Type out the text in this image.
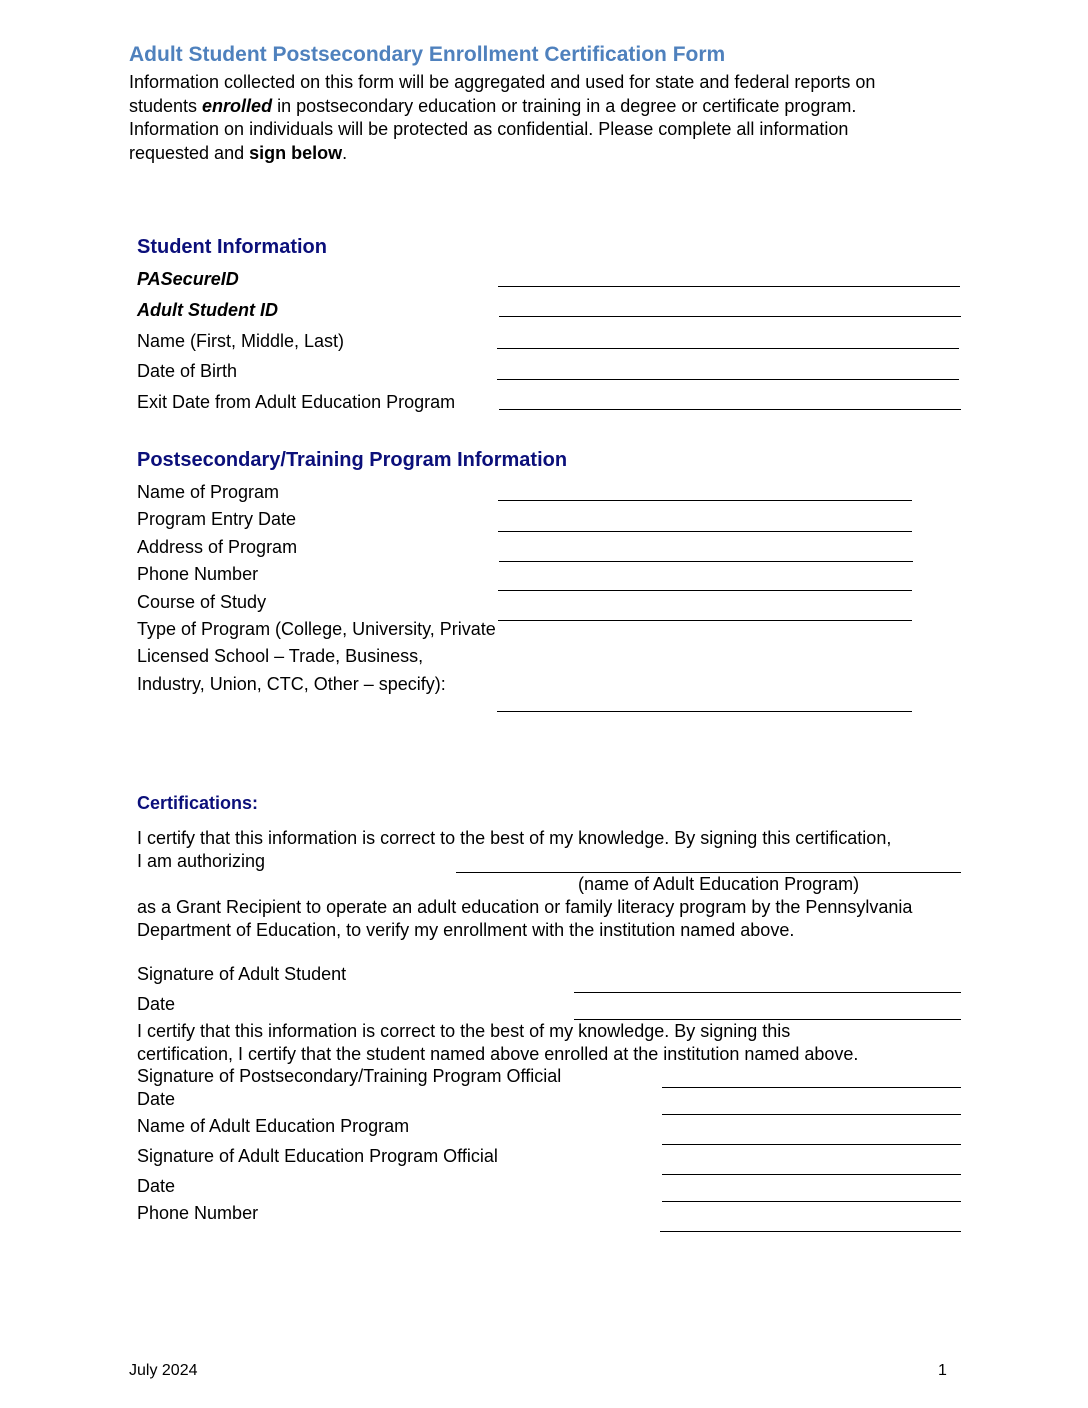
Adult Student Postsecondary Enrollment Certification Form
Information collected on this form will be aggregated and used for state and federal reports on students enrolled in postsecondary education or training in a degree or certificate program. Information on individuals will be protected as confidential. Please complete all information requested and sign below.
Student Information
PASecureID
Adult Student ID
Name (First, Middle, Last)
Date of Birth
Exit Date from Adult Education Program
Postsecondary/Training Program Information
Name of Program
Program Entry Date
Address of Program
Phone Number
Course of Study
Type of Program (College, University, Private
Licensed School – Trade, Business,
Industry, Union, CTC, Other – specify):
Certifications:
I certify that this information is correct to the best of my knowledge. By signing this certification,
I am authorizing
(name of Adult Education Program)
as a Grant Recipient to operate an adult education or family literacy program by the Pennsylvania Department of Education, to verify my enrollment with the institution named above.
Signature of Adult Student
Date
I certify that this information is correct to the best of my knowledge. By signing this
certification, I certify that the student named above enrolled at the institution named above.
Signature of Postsecondary/Training Program Official
Date
Name of Adult Education Program
Signature of Adult Education Program Official
Date
Phone Number
July 2024	1
